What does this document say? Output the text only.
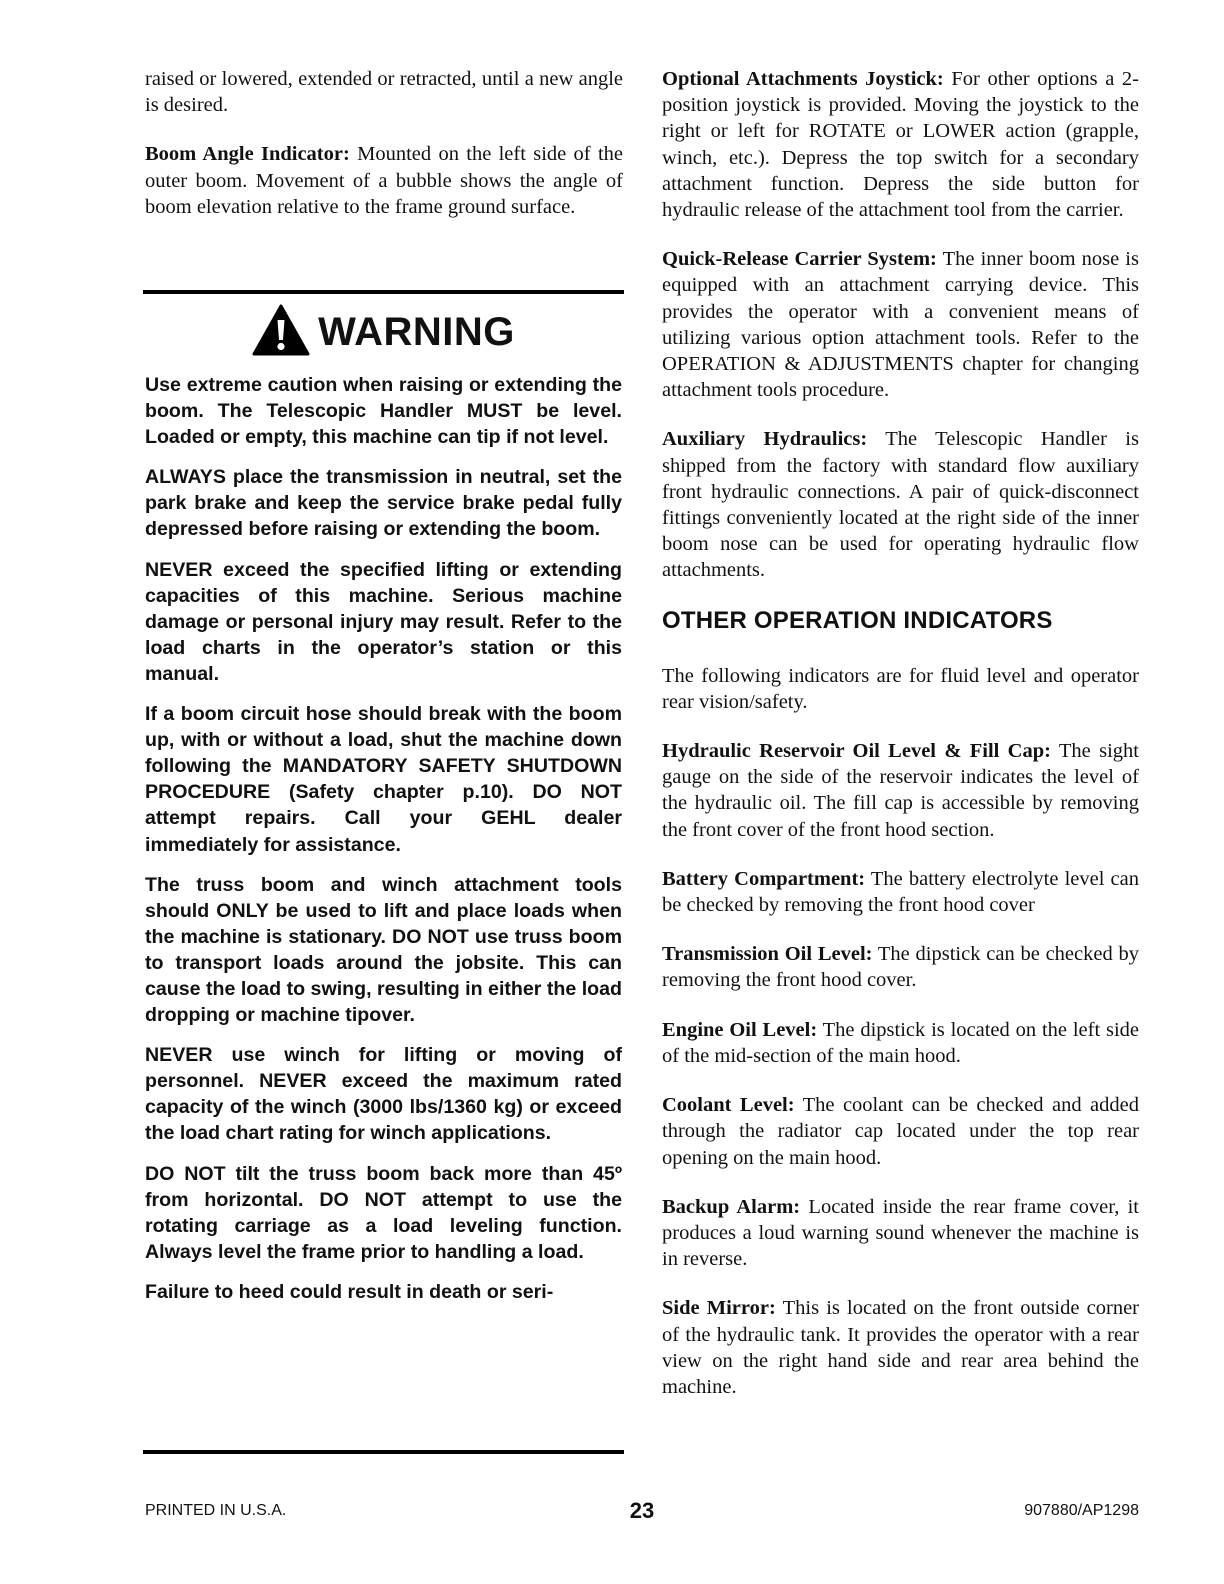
raised or lowered, extended or retracted, until a new angle is desired.

Boom Angle Indicator: Mounted on the left side of the outer boom. Movement of a bubble shows the angle of boom elevation relative to the frame ground surface.

WARNING

Use extreme caution when raising or extending the boom. The Telescopic Handler MUST be level. Loaded or empty, this machine can tip if not level.

ALWAYS place the transmission in neutral, set the park brake and keep the service brake pedal fully depressed before raising or extending the boom.

NEVER exceed the specified lifting or extending capacities of this machine. Serious machine damage or personal injury may result. Refer to the load charts in the operator’s station or this manual.

If a boom circuit hose should break with the boom up, with or without a load, shut the machine down following the MANDATORY SAFETY SHUTDOWN PROCEDURE (Safety chapter p.10). DO NOT attempt repairs. Call your GEHL dealer immediately for assistance.

The truss boom and winch attachment tools should ONLY be used to lift and place loads when the machine is stationary. DO NOT use truss boom to transport loads around the jobsite. This can cause the load to swing, resulting in either the load dropping or machine tipover.

NEVER use winch for lifting or moving of personnel. NEVER exceed the maximum rated capacity of the winch (3000 lbs/1360 kg) or exceed the load chart rating for winch applications.

DO NOT tilt the truss boom back more than 45º from horizontal. DO NOT attempt to use the rotating carriage as a load leveling function. Always level the frame prior to handling a load.

Failure to heed could result in death or seri-

Optional Attachments Joystick: For other options a 2-position joystick is provided. Moving the joystick to the right or left for ROTATE or LOWER action (grapple, winch, etc.). Depress the top switch for a secondary attachment function. Depress the side button for hydraulic release of the attachment tool from the carrier.

Quick-Release Carrier System: The inner boom nose is equipped with an attachment carrying device. This provides the operator with a convenient means of utilizing various option attachment tools. Refer to the OPERATION & ADJUSTMENTS chapter for changing attachment tools procedure.

Auxiliary Hydraulics: The Telescopic Handler is shipped from the factory with standard flow auxiliary front hydraulic connections. A pair of quick-disconnect fittings conveniently located at the right side of the inner boom nose can be used for operating hydraulic flow attachments.

OTHER OPERATION INDICATORS

The following indicators are for fluid level and operator rear vision/safety.

Hydraulic Reservoir Oil Level & Fill Cap: The sight gauge on the side of the reservoir indicates the level of the hydraulic oil. The fill cap is accessible by removing the front cover of the front hood section.

Battery Compartment: The battery electrolyte level can be checked by removing the front hood cover

Transmission Oil Level: The dipstick can be checked by removing the front hood cover.

Engine Oil Level: The dipstick is located on the left side of the mid-section of the main hood.

Coolant Level: The coolant can be checked and added through the radiator cap located under the top rear opening on the main hood.

Backup Alarm: Located inside the rear frame cover, it produces a loud warning sound whenever the machine is in reverse.

Side Mirror: This is located on the front outside corner of the hydraulic tank. It provides the operator with a rear view on the right hand side and rear area behind the machine.

PRINTED IN U.S.A.	23	907880/AP1298
